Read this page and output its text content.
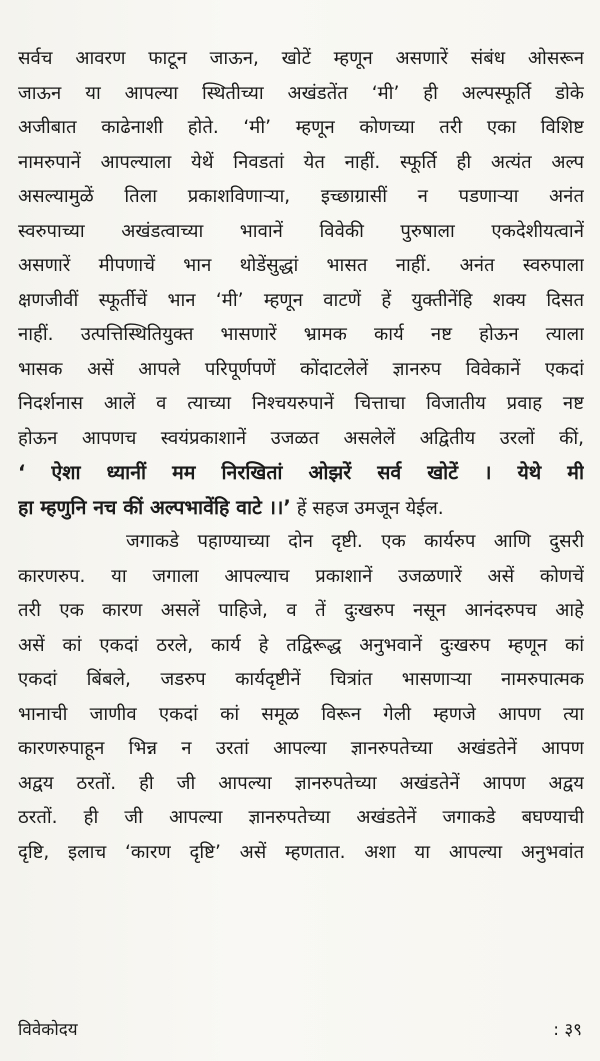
सर्वच आवरण फाटून जाऊन, खोटें म्हणून असणारें संबंध ओसरून
जाऊन या आपल्या स्थितीच्या अखंडतेंत ‘मी’ ही अल्पस्फूर्ति डोके
अजीबात काढेनाशी होते. ‘मी’ म्हणून कोणच्या तरी एका विशिष्ट
नामरुपानें आपल्याला येथें निवडतां येत नाहीं. स्फूर्ति ही अत्यंत अल्प
असल्यामुळें तिला प्रकाशविणाऱ्या, इच्छाग्रासीं न पडणाऱ्या अनंत
स्वरुपाच्या अखंडत्वाच्या भावानें विवेकी पुरुषाला एकदेशीयत्वानें
असणारें मीपणाचें भान थोडेंसुद्धां भासत नाहीं. अनंत स्वरुपाला
क्षणजीवीं स्फूर्तीचें भान ‘मी’ म्हणून वाटणें हें युक्तीनेंहि शक्य दिसत
नाहीं. उत्पत्तिस्थितियुक्त भासणारें भ्रामक कार्य नष्ट होऊन त्याला
भासक असें आपले परिपूर्णपणें कोंदाटलेलें ज्ञानरुप विवेकानें एकदां
निदर्शनास आलें व त्याच्या निश्चयरुपानें चित्ताचा विजातीय प्रवाह नष्ट
होऊन आपणच स्वयंप्रकाशानें उजळत असलेलें अद्वितीय उरलों कीं,
‘ ऐशा ध्यानीं मम निरखितां ओझरें सर्व खोटें । येथे मी
हा म्हणुनि नच कीं अल्पभावेंहि वाटे ।।’ हें सहज उमजून येईल.
जगाकडे पहाण्याच्या दोन दृष्टी. एक कार्यरुप आणि दुसरी
कारणरुप. या जगाला आपल्याच प्रकाशानें उजळणारें असें कोणचें
तरी एक कारण असलें पाहिजे, व तें दुःखरुप नसून आनंदरुपच आहे
असें कां एकदां ठरले, कार्य हे तद्विरूद्ध अनुभवानें दुःखरुप म्हणून कां
एकदां बिंबले, जडरुप कार्यदृष्टीनें चित्रांत भासणाऱ्या नामरुपात्मक
भानाची जाणीव एकदां कां समूळ विरून गेली म्हणजे आपण त्या
कारणरुपाहून भिन्न न उरतां आपल्या ज्ञानरुपतेच्या अखंडतेनें आपण
अद्वय ठरतों. ही जी आपल्या ज्ञानरुपतेच्या अखंडतेनें आपण अद्वय
ठरतों. ही जी आपल्या ज्ञानरुपतेच्या अखंडतेनें जगाकडे बघण्याची
दृष्टि, इलाच ‘कारण दृष्टि’ असें म्हणतात. अशा या आपल्या अनुभवांत
विवेकोदय	: ३९
